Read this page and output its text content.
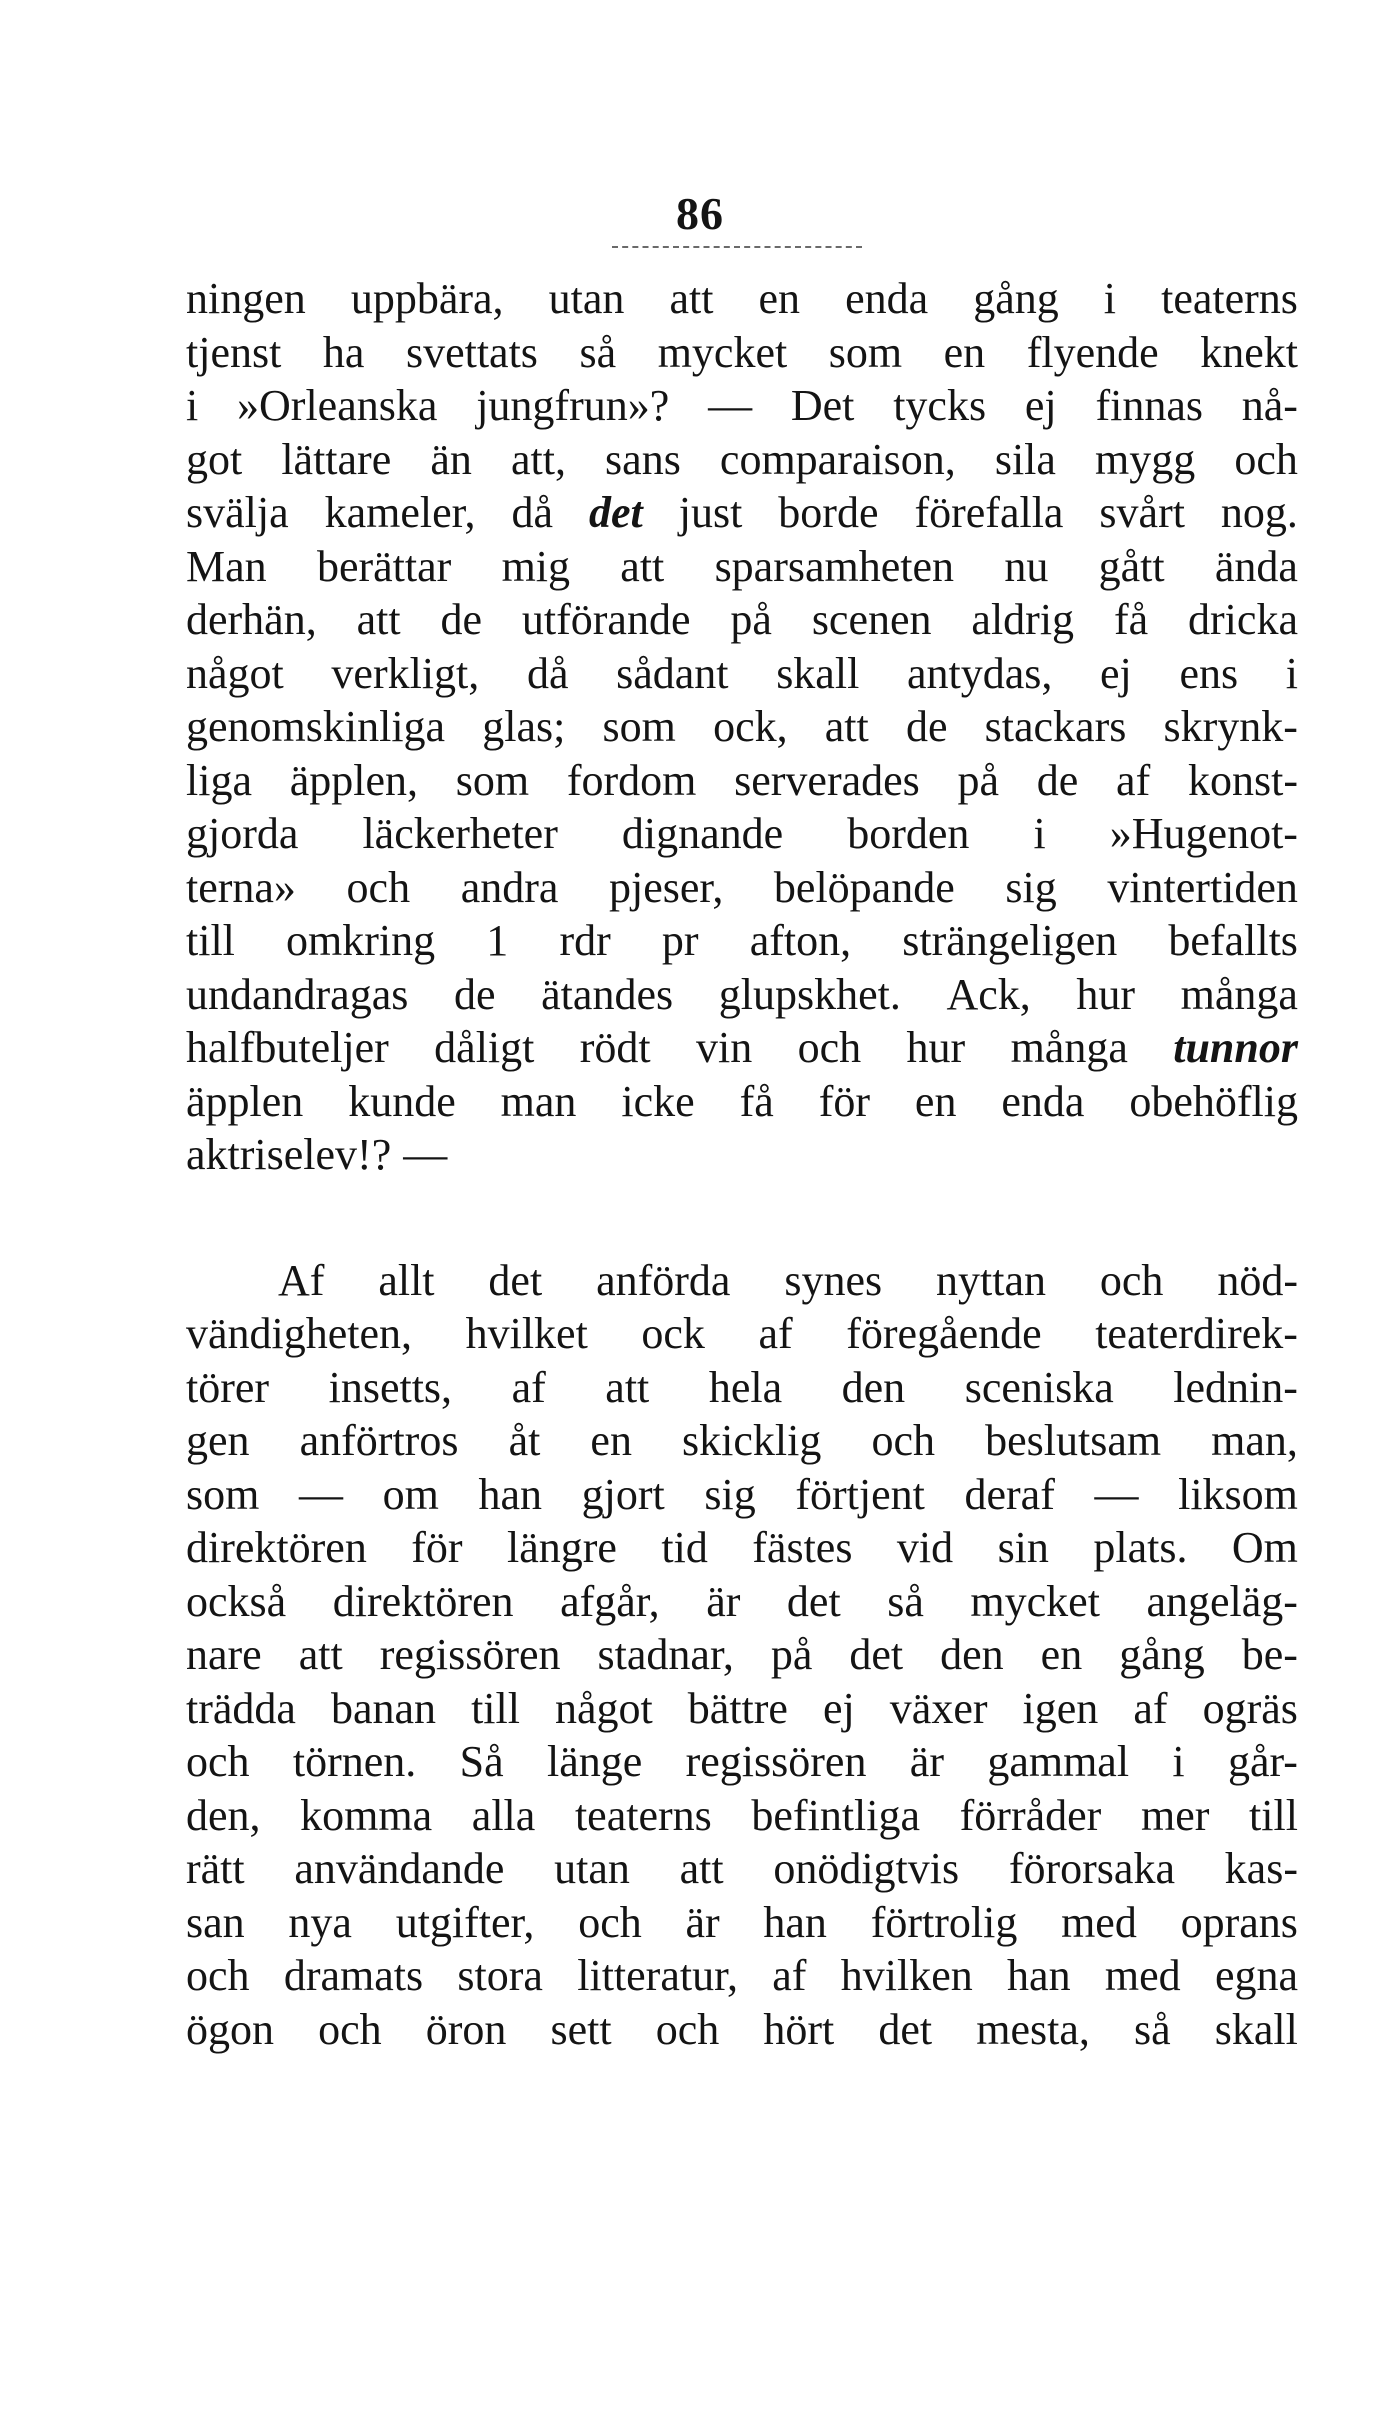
86
ningen uppbära, utan att en enda gång i teaterns
tjenst ha svettats så mycket som en flyende knekt
i »Orleanska jungfrun»? — Det tycks ej finnas nå-
got lättare än att, sans comparaison, sila mygg och
svälja kameler, då det just borde förefalla svårt nog.
Man berättar mig att sparsamheten nu gått ända
derhän, att de utförande på scenen aldrig få dricka
något verkligt, då sådant skall antydas, ej ens i
genomskinliga glas; som ock, att de stackars skrynk-
liga äpplen, som fordom serverades på de af konst-
gjorda läckerheter dignande borden i »Hugenot-
terna» och andra pjeser, belöpande sig vintertiden
till omkring 1 rdr pr afton, strängeligen befallts
undandragas de ätandes glupskhet. Ack, hur många
halfbuteljer dåligt rödt vin och hur många tunnor
äpplen kunde man icke få för en enda obehöflig
aktriselev!? —
Af allt det anförda synes nyttan och nöd-
vändigheten, hvilket ock af föregående teaterdirek-
törer insetts, af att hela den sceniska lednin-
gen anförtros åt en skicklig och beslutsam man,
som — om han gjort sig förtjent deraf — liksom
direktören för längre tid fästes vid sin plats. Om
också direktören afgår, är det så mycket angeläg-
nare att regissören stadnar, på det den en gång be-
trädda banan till något bättre ej växer igen af ogräs
och törnen. Så länge regissören är gammal i går-
den, komma alla teaterns befintliga förråder mer till
rätt användande utan att onödigtvis förorsaka kas-
san nya utgifter, och är han förtrolig med oprans
och dramats stora litteratur, af hvilken han med egna
ögon och öron sett och hört det mesta, så skall
